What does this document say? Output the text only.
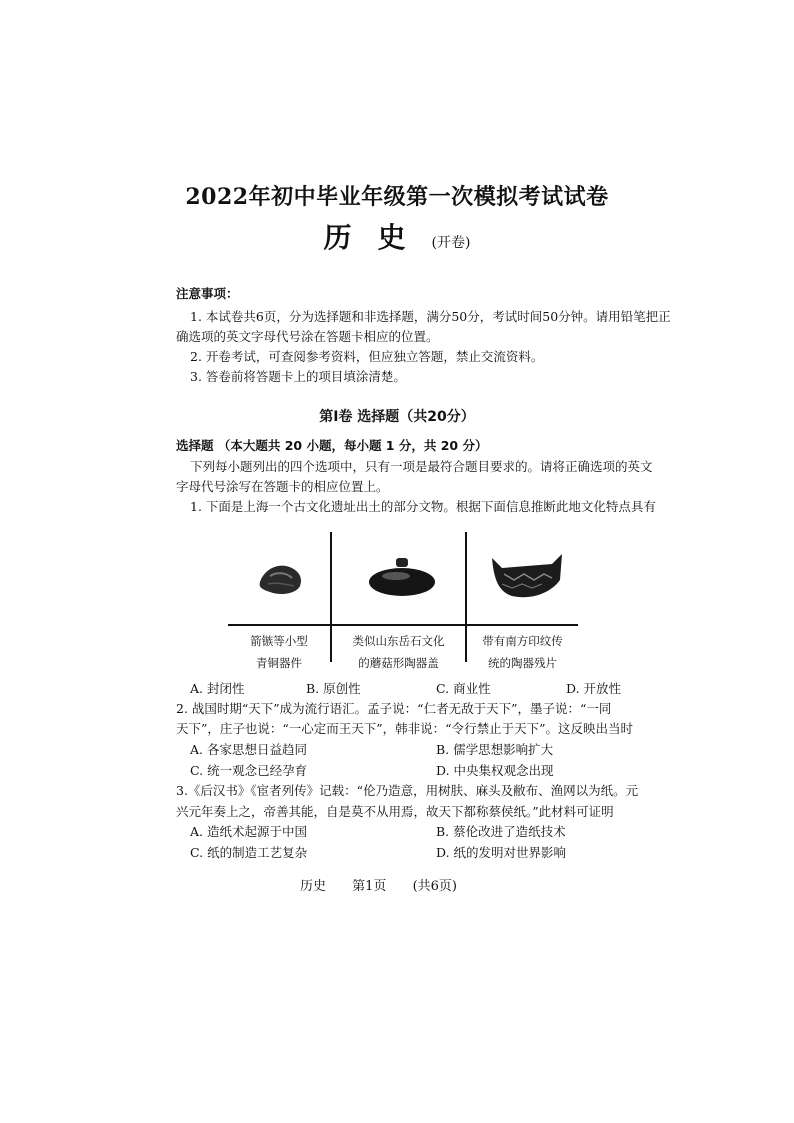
2022年初中毕业年级第一次模拟考试试卷
历史(开卷)
注意事项：
1. 本试卷共6页，分为选择题和非选择题，满分50分，考试时间50分钟。请用铅笔把正
确选项的英文字母代号涂在答题卡相应的位置。
2. 开卷考试，可查阅参考资料，但应独立答题，禁止交流资料。
3. 答卷前将答题卡上的项目填涂清楚。
第Ⅰ卷 选择题（共20分）
选择题 （本大题共 20 小题，每小题 1 分，共 20 分）
下列每小题列出的四个选项中，只有一项是最符合题目要求的。请将正确选项的英文
字母代号涂写在答题卡的相应位置上。
1. 下面是上海一个古文化遗址出土的部分文物。根据下面信息推断此地文化特点具有
箭镞等小型
青铜器件
类似山东岳石文化
的蘑菇形陶器盖
带有南方印纹传
统的陶器残片
A. 封闭性	B. 原创性	C. 商业性	D. 开放性
2. 战国时期“天下”成为流行语汇。孟子说：“仁者无敌于天下”，墨子说：“一同
天下”，庄子也说：“一心定而王天下”，韩非说：“令行禁止于天下”。这反映出当时
A. 各家思想日益趋同	B. 儒学思想影响扩大
C. 统一观念已经孕育	D. 中央集权观念出现
3.《后汉书》《宦者列传》记载：“伦乃造意，用树肤、麻头及敝布、渔网以为纸。元
兴元年奏上之，帝善其能，自是莫不从用焉，故天下都称蔡侯纸。”此材料可证明
A. 造纸术起源于中国	B. 蔡伦改进了造纸技术
C. 纸的制造工艺复杂	D. 纸的发明对世界影响
历史 第1页 (共6页)
